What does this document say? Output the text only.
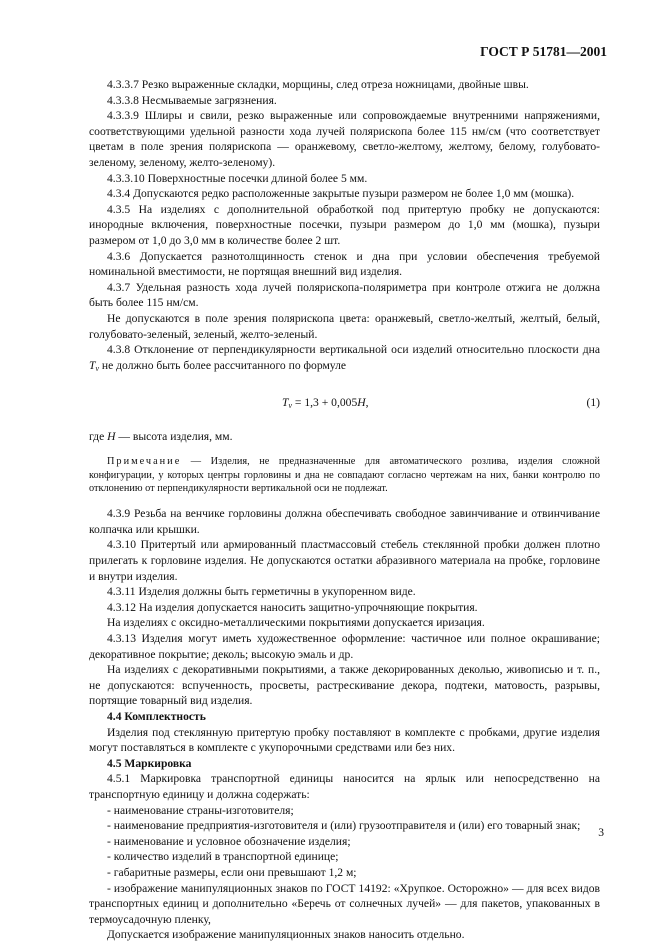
ГОСТ Р 51781—2001

4.3.3.7 Резко выраженные складки, морщины, след отреза ножницами, двойные швы.

4.3.3.8 Несмываемые загрязнения.

4.3.3.9 Шлиры и свили, резко выраженные или сопровождаемые внутренними напряжениями, соответствующими удельной разности хода лучей полярископа более 115 нм/см (что соответствует цветам в поле зрения полярископа — оранжевому, светло-желтому, желтому, белому, голубовато-зеленому, зеленому, желто-зеленому).

4.3.3.10 Поверхностные посечки длиной более 5 мм.

4.3.4 Допускаются редко расположенные закрытые пузыри размером не более 1,0 мм (мошка).

4.3.5 На изделиях с дополнительной обработкой под притертую пробку не допускаются: инородные включения, поверхностные посечки, пузыри размером до 1,0 мм (мошка), пузыри размером от 1,0 до 3,0 мм в количестве более 2 шт.

4.3.6 Допускается разнотолщинность стенок и дна при условии обеспечения требуемой номинальной вместимости, не портящая внешний вид изделия.

4.3.7 Удельная разность хода лучей полярископа-поляриметра при контроле отжига не должна быть более 115 нм/см.

Не допускаются в поле зрения полярископа цвета: оранжевый, светло-желтый, желтый, белый, голубовато-зеленый, зеленый, желто-зеленый.

4.3.8 Отклонение от перпендикулярности вертикальной оси изделий относительно плоскости дна $T_v$ не должно быть более рассчитанного по формуле

$T_v = 1,3 + 0,005H$,	(1)

где H — высота изделия, мм.

Примечание — Изделия, не предназначенные для автоматического розлива, изделия сложной конфигурации, у которых центры горловины и дна не совпадают согласно чертежам на них, банки контролю по отклонению от перпендикулярности вертикальной оси не подлежат.

4.3.9 Резьба на венчике горловины должна обеспечивать свободное завинчивание и отвинчивание колпачка или крышки.

4.3.10 Притертый или армированный пластмассовый стебель стеклянной пробки должен плотно прилегать к горловине изделия. Не допускаются остатки абразивного материала на пробке, горловине и внутри изделия.

4.3.11 Изделия должны быть герметичны в укупоренном виде.

4.3.12 На изделия допускается наносить защитно-упрочняющие покрытия.

На изделиях с оксидно-металлическими покрытиями допускается иризация.

4.3.13 Изделия могут иметь художественное оформление: частичное или полное окрашивание; декоративное покрытие; деколь; высокую эмаль и др.

На изделиях с декоративными покрытиями, а также декорированных деколью, живописью и т. п., не допускаются: вспученность, просветы, растрескивание декора, подтеки, матовость, разрывы, портящие товарный вид изделия.

4.4 Комплектность

Изделия под стеклянную притертую пробку поставляют в комплекте с пробками, другие изделия могут поставляться в комплекте с укупорочными средствами или без них.

4.5 Маркировка

4.5.1 Маркировка транспортной единицы наносится на ярлык или непосредственно на транспортную единицу и должна содержать:

- наименование страны-изготовителя;

- наименование предприятия-изготовителя и (или) грузоотправителя и (или) его товарный знак;

- наименование и условное обозначение изделия;

- количество изделий в транспортной единице;

- габаритные размеры, если они превышают 1,2 м;

- изображение манипуляционных знаков по ГОСТ 14192: «Хрупкое. Осторожно» — для всех видов транспортных единиц и дополнительно «Беречь от солнечных лучей» — для пакетов, упакованных в термоусадочную пленку,

Допускается изображение манипуляционных знаков наносить отдельно.

3
